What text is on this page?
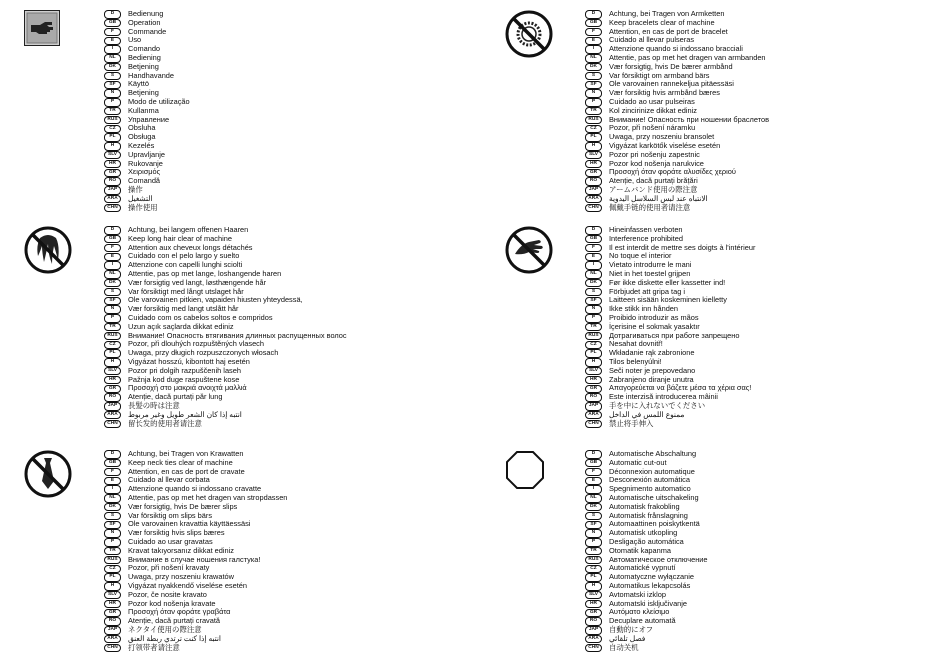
D	Bedienung
GB	Operation
F	Commande
E	Uso
I	Comando
NL	Bediening
DK	Betjening
S	Handhavande
SF	Käyttö
N	Betjening
P	Modo de utilização
TR	Kullanma
RUS	Управление
CZ	Obsluha
PL	Obsługa
H	Kezelés
SLV	Upravljanje
HR	Rukovanje
GR	Χειρισμός
RO	Comandă
JAP	操作
ARA	التشغيل
CHN	操作使用
D	Achtung, bei langem offenen Haaren
GB	Keep long hair clear of machine
F	Attention aux cheveux longs détachés
E	Cuidado con el pelo largo y suelto
I	Attenzione con capelli lunghi sciolti
NL	Attentie, pas op met lange, loshangende haren
DK	Vær forsigtig ved langt, løsthængende hår
S	Var försiktigt med långt utslaget hår
SF	Ole varovainen pitkien, vapaiden hiusten yhteydessä,
N	Vær forsiktig med langt utslått hår
P	Cuidado com os cabelos soltos e compridos
TR	Uzun açık saçlarda dikkat ediniz
RUS	Внимание! Опасность втягивания длинных распущенных волос
CZ	Pozor, při dlouhých rozpuštěných vlasech
PL	Uwaga, przy długich rozpuszczonych włosach
H	Vigyázat hosszú, kibontott haj esetén
SLV	Pozor pri dolgih razpuščenih laseh
HR	Pažnja kod duge raspuštene kose
GR	Προσοχή στο μακριά ανοιχτά μαλλιά
RO	Atenție, dacă purtați păr lung
JAP	長髪の時は注意
ARA	انتبه إذا كان الشعر طويل وغير مربوط
CHN	留长发的使用者请注意
D	Achtung, bei Tragen von Krawatten
GB	Keep neck ties clear of machine
F	Attention, en cas de port de cravate
E	Cuidado al llevar corbata
I	Attenzione quando si indossano cravatte
NL	Attentie, pas op met het dragen van stropdassen
DK	Vær forsigtig, hvis De bærer slips
S	Var försiktig om slips bärs
SF	Ole varovainen kravattia käyttäessäsi
N	Vær forsiktig hvis slips bæres
P	Cuidado ao usar gravatas
TR	Kravat takıyorsanız dikkat ediniz
RUS	Внимание в случае ношения галстука!
CZ	Pozor, při nošení kravaty
PL	Uwaga, przy noszeniu krawatów
H	Vigyázat nyakkendő viselése esetén
SLV	Pozor, če nosite kravato
HR	Pozor kod nošenja kravate
GR	Προσοχή όταν φοράτε γραβάτα
RO	Atenție, dacă purtați cravată
JAP	ネクタイ使用の際注意
ARA	انتبه إذا كنت ترتدي ربطة العنق
CHN	打领带者请注意
D	Achtung, bei Tragen von Armketten
GB	Keep bracelets clear of machine
F	Attention, en cas de port de bracelet
E	Cuidado al llevar pulseras
I	Attenzione quando si indossano bracciali
NL	Attentie, pas op met het dragen van armbanden
DK	Vær forsigtig, hvis De bærer armbånd
S	Var försiktigt om armband bärs
SF	Ole varovainen rannekeljua pitäessäsi
N	Vær forsiktig hvis armbånd bæres
P	Cuidado ao usar pulseiras
TR	Kol zincirinize dikkat ediniz
RUS	Внимание! Опасность при ношении браслетов
CZ	Pozor, při nošení náramku
PL	Uwaga, przy noszeniu bransolet
H	Vigyázat karkötők viselése esetén
SLV	Pozor pri nošenju zapestnic
HR	Pozor kod nošenja narukvice
GR	Προσοχή όταν φοράτε αλυσίδες χεριού
RO	Atenție, dacă purtați brățări
JAP	アームバンド使用の際注意
ARA	الانتباه عند لبس السلاسل اليدوية
CHN	佩戴手链的使用者请注意
D	Hineinfassen verboten
GB	Interference prohibited
F	Il est interdit de mettre ses doigts à l'intérieur
E	No toque el interior
I	Vietato introdurre le mani
NL	Niet in het toestel grijpen
DK	Før ikke diskette eller kassetter ind!
S	Förbjudet att gripa tag i
SF	Laitteen sisään koskeminen kielletty
N	Ikke stikk inn hånden
P	Proibido introduzir as mãos
TR	İçerisine el sokmak yasaktır
RUS	Дотрагиваться при работе запрещено
CZ	Nesahat dovnitř!
PL	Wkładanie rąk zabronione
H	Tilos belenyúlni!
SLV	Seči noter je prepovedano
HR	Zabranjeno diranje unutra
GR	Απαγορεύεται να βάζετε μέσα τα χέρια σας!
RO	Este interzisă introducerea mâinii
JAP	手を中に入れないでください
ARA	ممنوع اللمس في الداخل
CHN	禁止将手伸入
D	Automatische Abschaltung
GB	Automatic cut-out
F	Déconnexion automatique
E	Desconexión automática
I	Spegnimento automatico
NL	Automatische uitschakeling
DK	Automatisk frakobling
S	Automatisk frånslagning
SF	Automaattinen poiskytkentä
N	Automatisk utkopling
P	Desligação automática
TR	Otomatik kapanma
RUS	Автоматическое отключение
CZ	Automatické vypnutí
PL	Automatyczne wyłączanie
H	Automatikus lekapcsolás
SLV	Avtomatski izklop
HR	Automatski isključivanje
GR	Αυτόματο κλείσιμο
RO	Decuplare automată
JAP	自動的にオフ
ARA	فصل تلقائي
CHN	自动关机
